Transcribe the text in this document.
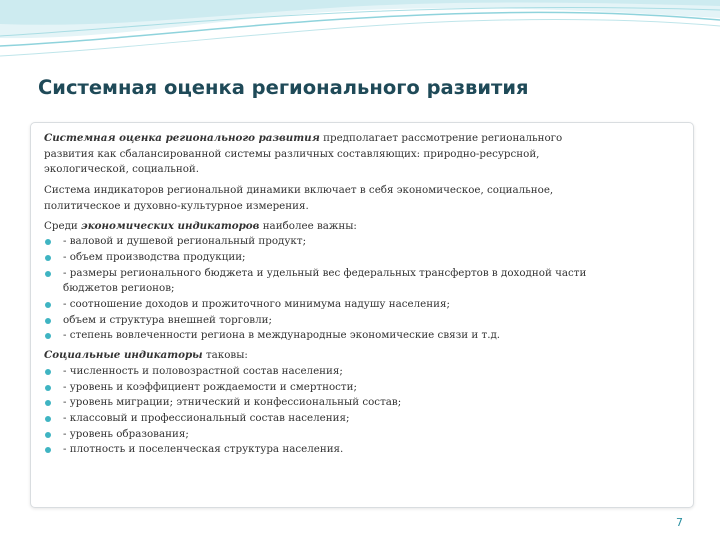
Системная оценка регионального развития

Системная оценка регионального развития предполагает рассмотрение регионального
развития как сбалансированной системы различных составляющих: природно-ресурсной,
экологической, социальной.

Система индикаторов региональной динамики включает в себя экономическое, социальное,
политическое и духовно-культурное измерения.

Среди экономических индикаторов наиболее важны:

- валовой и душевой региональный продукт;
- объем производства продукции;
- размеры регионального бюджета и удельный вес федеральных трансфертов в доходной части
бюджетов регионов;
- соотношение доходов и прожиточного минимума надушу населения;
объем и структура внешней торговли;
- степень вовлеченности региона в международные экономические связи и т.д.

Социальные индикаторы таковы:

- численность и половозрастной состав населения;
- уровень и коэффициент рождаемости и смертности;
- уровень миграции; этнический и конфессиональный состав;
- классовый и профессиональный состав населения;
- уровень образования;
- плотность и поселенческая структура населения.
7
